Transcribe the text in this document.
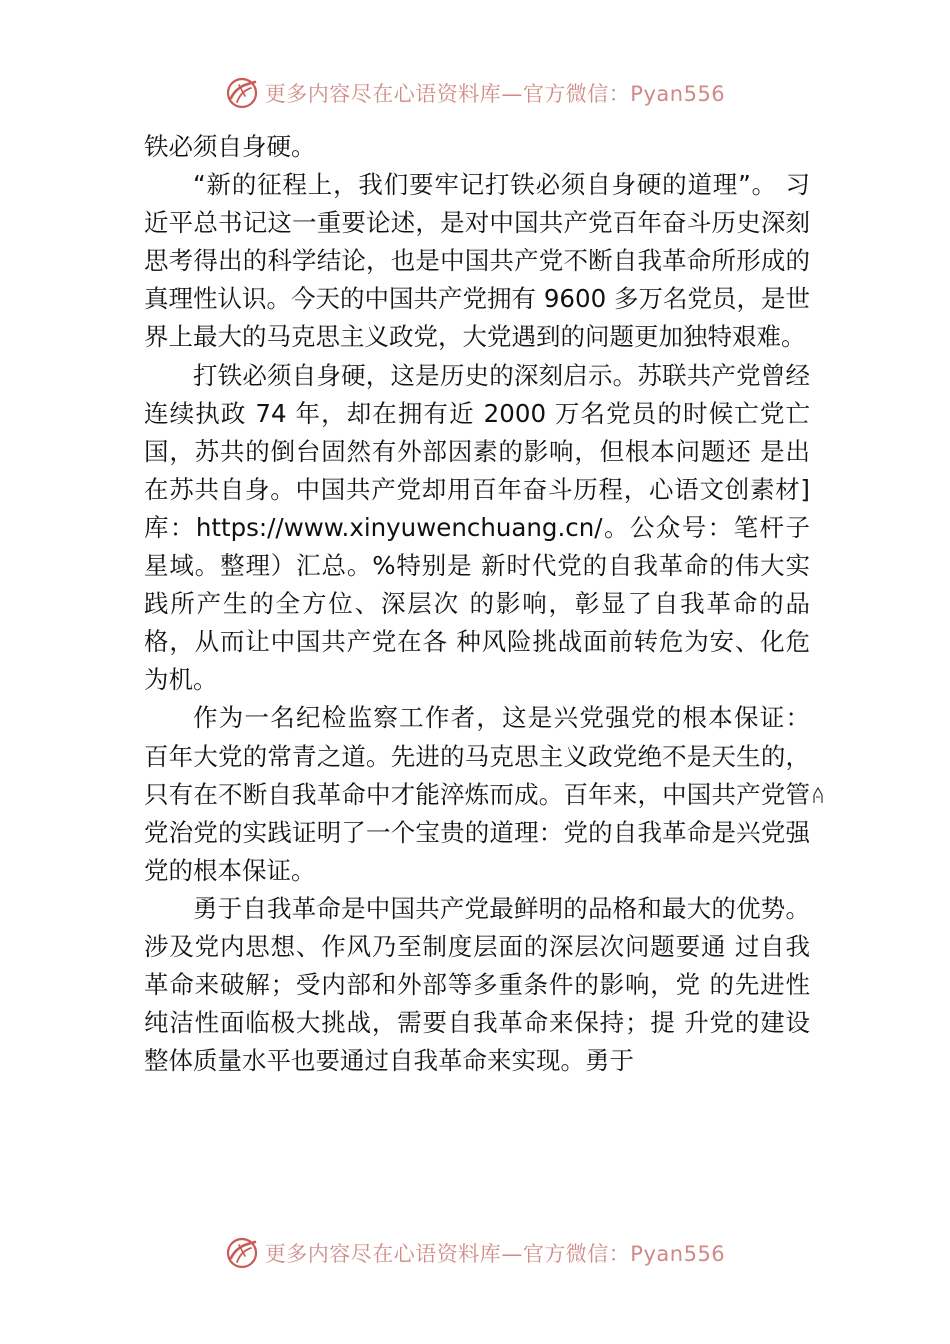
更多内容尽在心语资料库—官方微信：Pyan556

铁必须自身硬。

“新的征程上，我们要牢记打铁必须自身硬的道理”。 习近平总书记这一重要论述，是对中国共产党百年奋斗历史深刻思考得出的科学结论，也是中国共产党不断自我革命所形成的真理性认识。今天的中国共产党拥有 9600 多万名党员，是世界上最大的马克思主义政党，大党遇到的问题更加独特艰难。

打铁必须自身硬，这是历史的深刻启示。苏联共产党曾经连续执政 74 年，却在拥有近 2000 万名党员的时候亡党亡国，苏共的倒台固然有外部因素的影响，但根本问题还 是出在苏共自身。中国共产党却用百年奋斗历程，心语文创素材]库：https://www.xinyuwenchuang.cn/。公众号：笔杆子星域。整理）汇总。%特别是 新时代党的自我革命的伟大实践所产生的全方位、深层次 的影响，彰显了自我革命的品格，从而让中国共产党在各 种风险挑战面前转危为安、化危为机。

作为一名纪检监察工作者，这是兴党强党的根本保证： 百年大党的常青之道。先进的马克思主义政党绝不是天生的，只有在不断自我革命中才能淬炼而成。百年来，中国共产党管党治党的实践证明了一个宝贵的道理：党的自我革命是兴党强党的根本保证。

勇于自我革命是中国共产党最鲜明的品格和最大的优势。涉及党内思想、作风乃至制度层面的深层次问题要通 过自我革命来破解；受内部和外部等多重条件的影响，党 的先进性纯洁性面临极大挑战，需要自我革命来保持；提 升党的建设整体质量水平也要通过自我革命来实现。勇于

更多内容尽在心语资料库—官方微信：Pyan556
